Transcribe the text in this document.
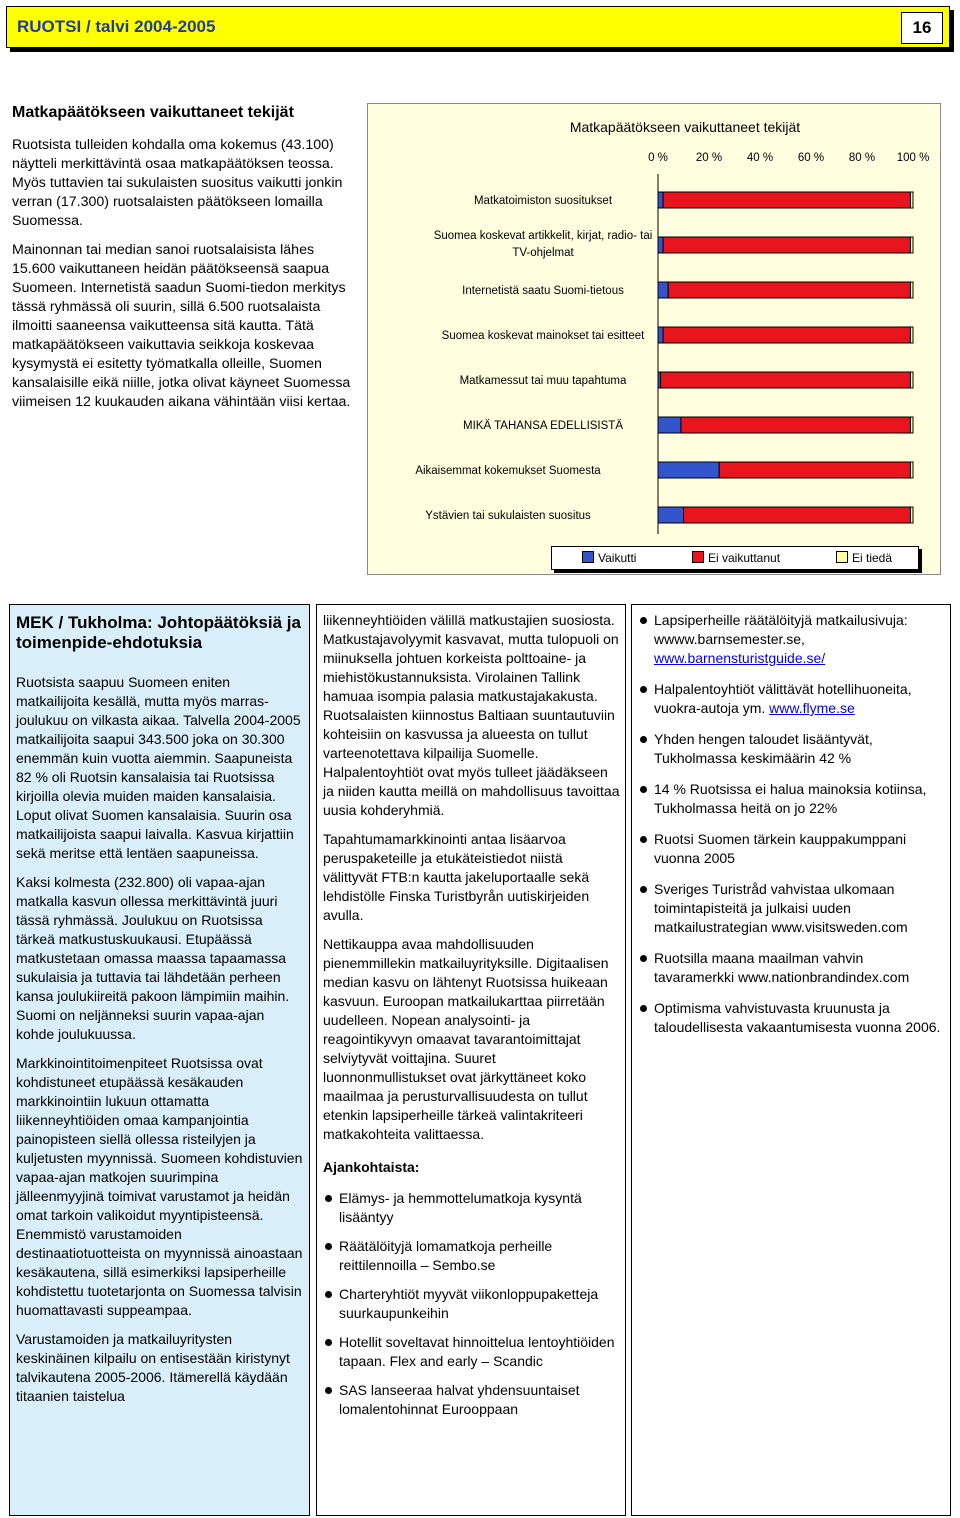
RUOTSI / talvi 2004-2005	16
Matkapäätökseen vaikuttaneet tekijät

Ruotsista tulleiden kohdalla oma kokemus (43.100) näytteli merkittävintä osaa matkapäätöksen teossa. Myös tuttavien tai sukulaisten suositus vaikutti jonkin verran (17.300) ruotsalaisten päätökseen lomailla Suomessa.

Mainonnan tai median sanoi ruotsalaisista lähes 15.600 vaikuttaneen heidän päätökseensä saapua Suomeen. Internetistä saadun Suomi-tiedon merkitys tässä ryhmässä oli suurin, sillä 6.500 ruotsalaista ilmoitti saaneensa vaikutteensa sitä kautta. Tätä matkapäätökseen vaikuttavia seikkoja koskevaa kysymystä ei esitetty työmatkalla olleille, Suomen kansalaisille eikä niille, jotka olivat käyneet Suomessa viimeisen 12 kuukauden aikana vähintään viisi kertaa.

Matkapäätökseen vaikuttaneet tekijät
0 % 20 % 40 % 60 % 80 % 100 %
Matkatoimiston suositukset
Suomea koskevat artikkelit, kirjat, radio- tai
TV-ohjelmat
Internetistä saatu Suomi-tietous
Suomea koskevat mainokset tai esitteet
Matkamessut tai muu tapahtuma
MIKÄ TAHANSA EDELLISISTÄ
Aikaisemmat kokemukset Suomesta
Ystävien tai sukulaisten suositus
Vaikutti	Ei vaikuttanut	Ei tiedä
MEK / Tukholma: Johtopäätöksiä ja toimenpide-ehdotuksia

Ruotsista saapuu Suomeen eniten matkailijoita kesällä, mutta myös marras-joulukuu on vilkasta aikaa. Talvella 2004-2005 matkailijoita saapui 343.500 joka on 30.300 enemmän kuin vuotta aiemmin. Saapuneista 82 % oli Ruotsin kansalaisia tai Ruotsissa kirjoilla olevia muiden maiden kansalaisia. Loput olivat Suomen kansalaisia. Suurin osa matkailijoista saapui laivalla. Kasvua kirjattiin sekä meritse että lentäen saapuneissa.

Kaksi kolmesta (232.800) oli vapaa-ajan matkalla kasvun ollessa merkittävintä juuri tässä ryhmässä. Joulukuu on Ruotsissa tärkeä matkustuskuukausi. Etupäässä matkustetaan omassa maassa tapaamassa sukulaisia ja tuttavia tai lähdetään perheen kansa joulukiireitä pakoon lämpimiin maihin. Suomi on neljänneksi suurin vapaa-ajan kohde joulukuussa.

Markkinointitoimenpiteet Ruotsissa ovat kohdistuneet etupäässä kesäkauden markkinointiin lukuun ottamatta liikenneyhtiöiden omaa kampanjointia painopisteen siellä ollessa risteilyjen ja kuljetusten myynnissä. Suomeen kohdistuvien vapaa-ajan matkojen suurimpina jälleenmyyjinä toimivat varustamot ja heidän omat tarkoin valikoidut myyntipisteensä. Enemmistö varustamoiden destinaatiotuotteista on myynnissä ainoastaan kesäkautena, sillä esimerkiksi lapsiperheille kohdistettu tuotetarjonta on Suomessa talvisin huomattavasti suppeampaa.

Varustamoiden ja matkailuyritysten keskinäinen kilpailu on entisestään kiristynyt talvikautena 2005-2006. Itämerellä käydään titaanien taistelua

liikenneyhtiöiden välillä matkustajien suosiosta. Matkustajavolyymit kasvavat, mutta tulopuoli on miinuksella johtuen korkeista polttoaine- ja miehistökustannuksista. Virolainen Tallink hamuaa isompia palasia matkustajakakusta. Ruotsalaisten kiinnostus Baltiaan suuntautuviin kohteisiin on kasvussa ja alueesta on tullut varteenotettava kilpailija Suomelle. Halpalentoyhtiöt ovat myös tulleet jäädäkseen ja niiden kautta meillä on mahdollisuus tavoittaa uusia kohderyhmiä.

Tapahtumamarkkinointi antaa lisäarvoa peruspaketeille ja etukäteistiedot niistä välittyvät FTB:n kautta jakeluportaalle sekä lehdistölle Finska Turistbyrån uutiskirjeiden avulla.

Nettikauppa avaa mahdollisuuden pienemmillekin matkailuyrityksille. Digitaalisen median kasvu on lähtenyt Ruotsissa huikeaan kasvuun. Euroopan matkailukarttaa piirretään uudelleen. Nopean analysointi- ja reagointikyvyn omaavat tavarantoimittajat selviytyvät voittajina. Suuret luonnonmullistukset ovat järkyttäneet koko maailmaa ja perusturvallisuudesta on tullut etenkin lapsiperheille tärkeä valintakriteeri matkakohteita valittaessa.

Ajankohtaista:
Elämys- ja hemmottelumatkoja kysyntä lisääntyy
Räätälöityjä lomamatkoja perheille reittilennoilla – Sembo.se
Charteryhtiöt myyvät viikonloppupaketteja suurkaupunkeihin
Hotellit soveltavat hinnoittelua lentoyhtiöiden tapaan. Flex and early – Scandic
SAS lanseeraa halvat yhdensuuntaiset lomalentohinnat Eurooppaan
Lapsiperheille räätälöityjä matkailusivuja: wwww.barnsemester.se, www.barnensturistguide.se/
Halpalentoyhtiöt välittävät hotellihuoneita, vuokra-autoja ym. www.flyme.se
Yhden hengen taloudet lisääntyvät, Tukholmassa keskimäärin 42 %
14 % Ruotsissa ei halua mainoksia kotiinsa, Tukholmassa heitä on jo 22%
Ruotsi Suomen tärkein kauppakumppani vuonna 2005
Sveriges Turistråd vahvistaa ulkomaan toimintapisteitä ja julkaisi uuden matkailustrategian www.visitsweden.com
Ruotsilla maana maailman vahvin tavaramerkki www.nationbrandindex.com
Optimisma vahvistuvasta kruunusta ja taloudellisesta vakaantumisesta vuonna 2006.
